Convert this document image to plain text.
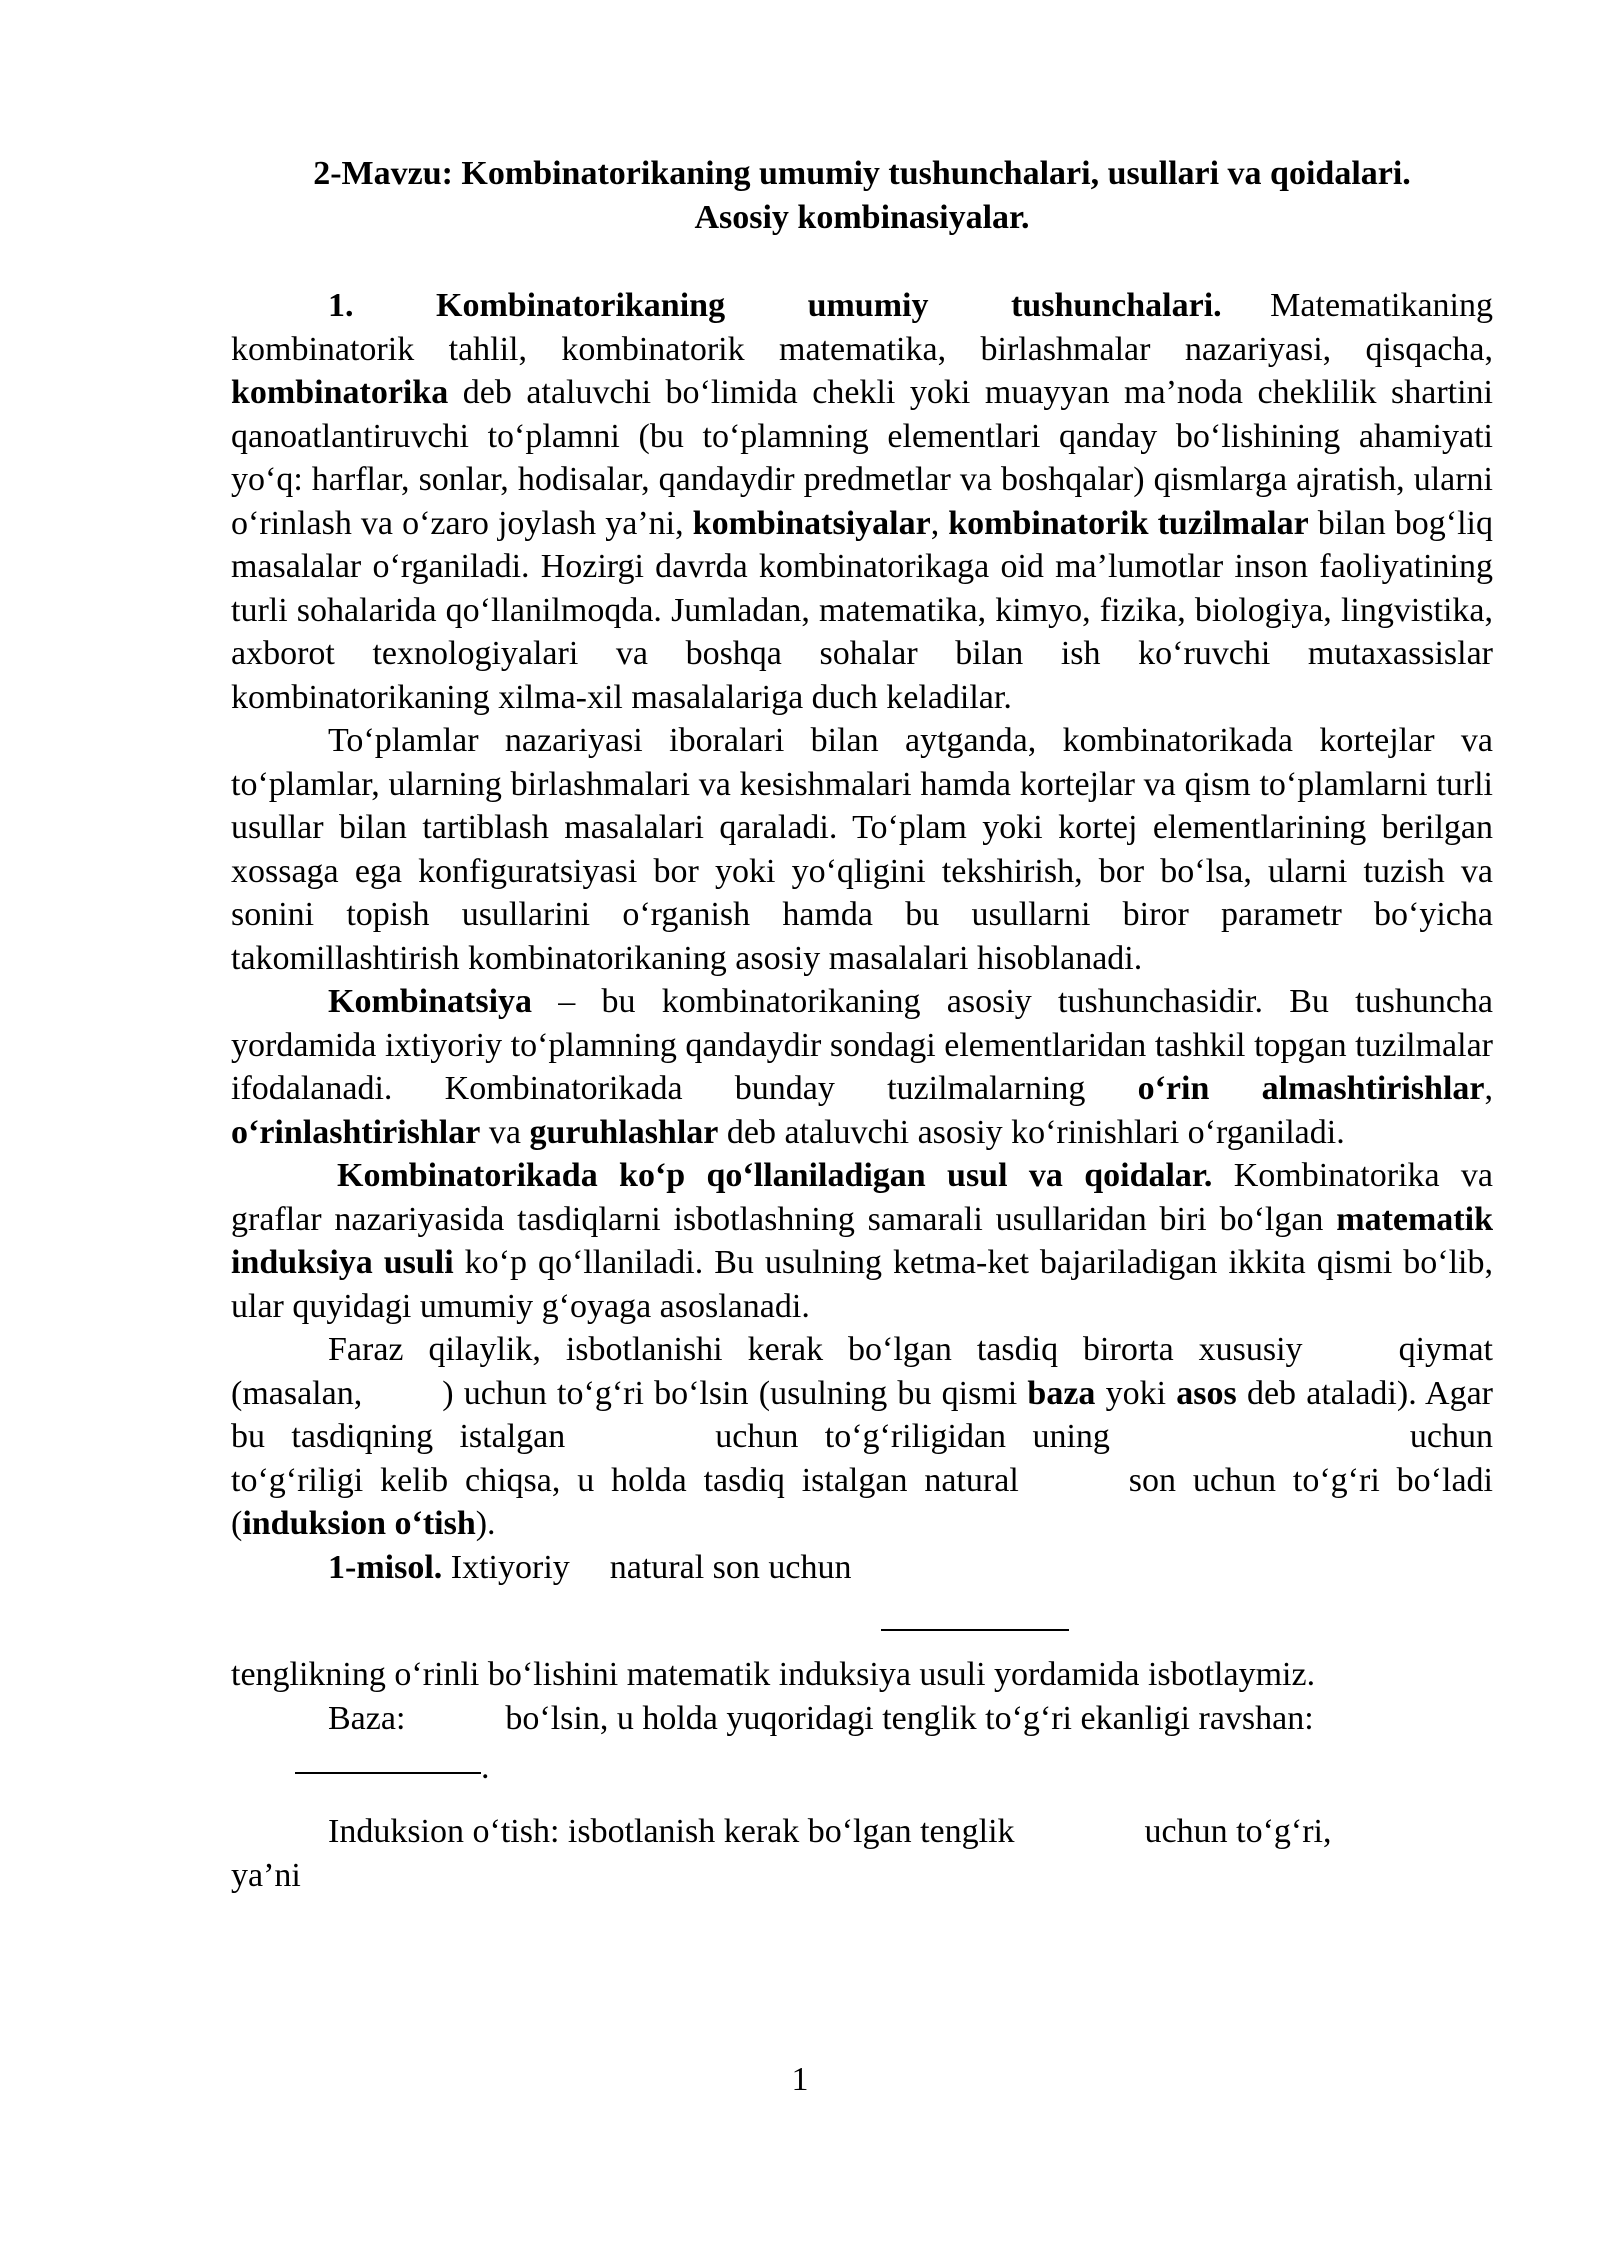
2-Mavzu: Kombinatorikaning umumiy tushunchalari, usullari va qoidalari.
Asosiy kombinasiyalar.

1. Kombinatorikaning umumiy tushunchalari. Matematikaning kombinatorik tahlil, kombinatorik matematika, birlashmalar nazariyasi, qisqacha, kombinatorika deb ataluvchi bo‘limida chekli yoki muayyan ma’noda cheklilik shartini qanoatlantiruvchi to‘plamni (bu to‘plamning elementlari qanday bo‘lishining ahamiyati yo‘q: harflar, sonlar, hodisalar, qandaydir predmetlar va boshqalar) qismlarga ajratish, ularni o‘rinlash va o‘zaro joylash ya’ni, kombinatsiyalar, kombinatorik tuzilmalar bilan bog‘liq masalalar o‘rganiladi. Hozirgi davrda kombinatorikaga oid ma’lumotlar inson faoliyatining turli sohalarida qo‘llanilmoqda. Jumladan, matematika, kimyo, fizika, biologiya, lingvistika, axborot texnologiyalari va boshqa sohalar bilan ish ko‘ruvchi mutaxassislar kombinatorikaning xilma-xil masalalariga duch keladilar.

To‘plamlar nazariyasi iboralari bilan aytganda, kombinatorikada kortejlar va to‘plamlar, ularning birlashmalari va kesishmalari hamda kortejlar va qism to‘plamlarni turli usullar bilan tartiblash masalalari qaraladi. To‘plam yoki kortej elementlarining berilgan xossaga ega konfiguratsiyasi bor yoki yo‘qligini tekshirish, bor bo‘lsa, ularni tuzish va sonini topish usullarini o‘rganish hamda bu usullarni biror parametr bo‘yicha takomillashtirish kombinatorikaning asosiy masalalari hisoblanadi.

Kombinatsiya – bu kombinatorikaning asosiy tushunchasidir. Bu tushuncha yordamida ixtiyoriy to‘plamning qandaydir sondagi elementlaridan tashkil topgan tuzilmalar ifodalanadi. Kombinatorikada bunday tuzilmalarning o‘rin almashtirishlar, o‘rinlashtirishlar va guruhlashlar deb ataluvchi asosiy ko‘rinishlari o‘rganiladi.

Kombinatorikada ko‘p qo‘llaniladigan usul va qoidalar. Kombinatorika va graflar nazariyasida tasdiqlarni isbotlashning samarali usullaridan biri bo‘lgan matematik induksiya usuli ko‘p qo‘llaniladi. Bu usulning ketma-ket bajariladigan ikkita qismi bo‘lib, ular quyidagi umumiy g‘oyaga asoslanadi.

Faraz qilaylik, isbotlanishi kerak bo‘lgan tasdiq birorta xususiy	qiymat (masalan, ) uchun to‘g‘ri bo‘lsin (usulning bu qismi baza yoki asos deb ataladi). Agar bu tasdiqning istalgan	uchun to‘g‘riligidan uning	uchun to‘g‘riligi kelib chiqsa, u holda tasdiq istalgan natural	son uchun to‘g‘ri bo‘ladi (induksion o‘tish).

1-misol. Ixtiyoriy natural son uchun

tenglikning o‘rinli bo‘lishini matematik induksiya usuli yordamida isbotlaymiz.

Baza:	bo‘lsin, u holda yuqoridagi tenglik to‘g‘ri ekanligi ravshan:

.

Induksion o‘tish: isbotlanish kerak bo‘lgan tenglik	uchun to‘g‘ri,

ya’ni

1
